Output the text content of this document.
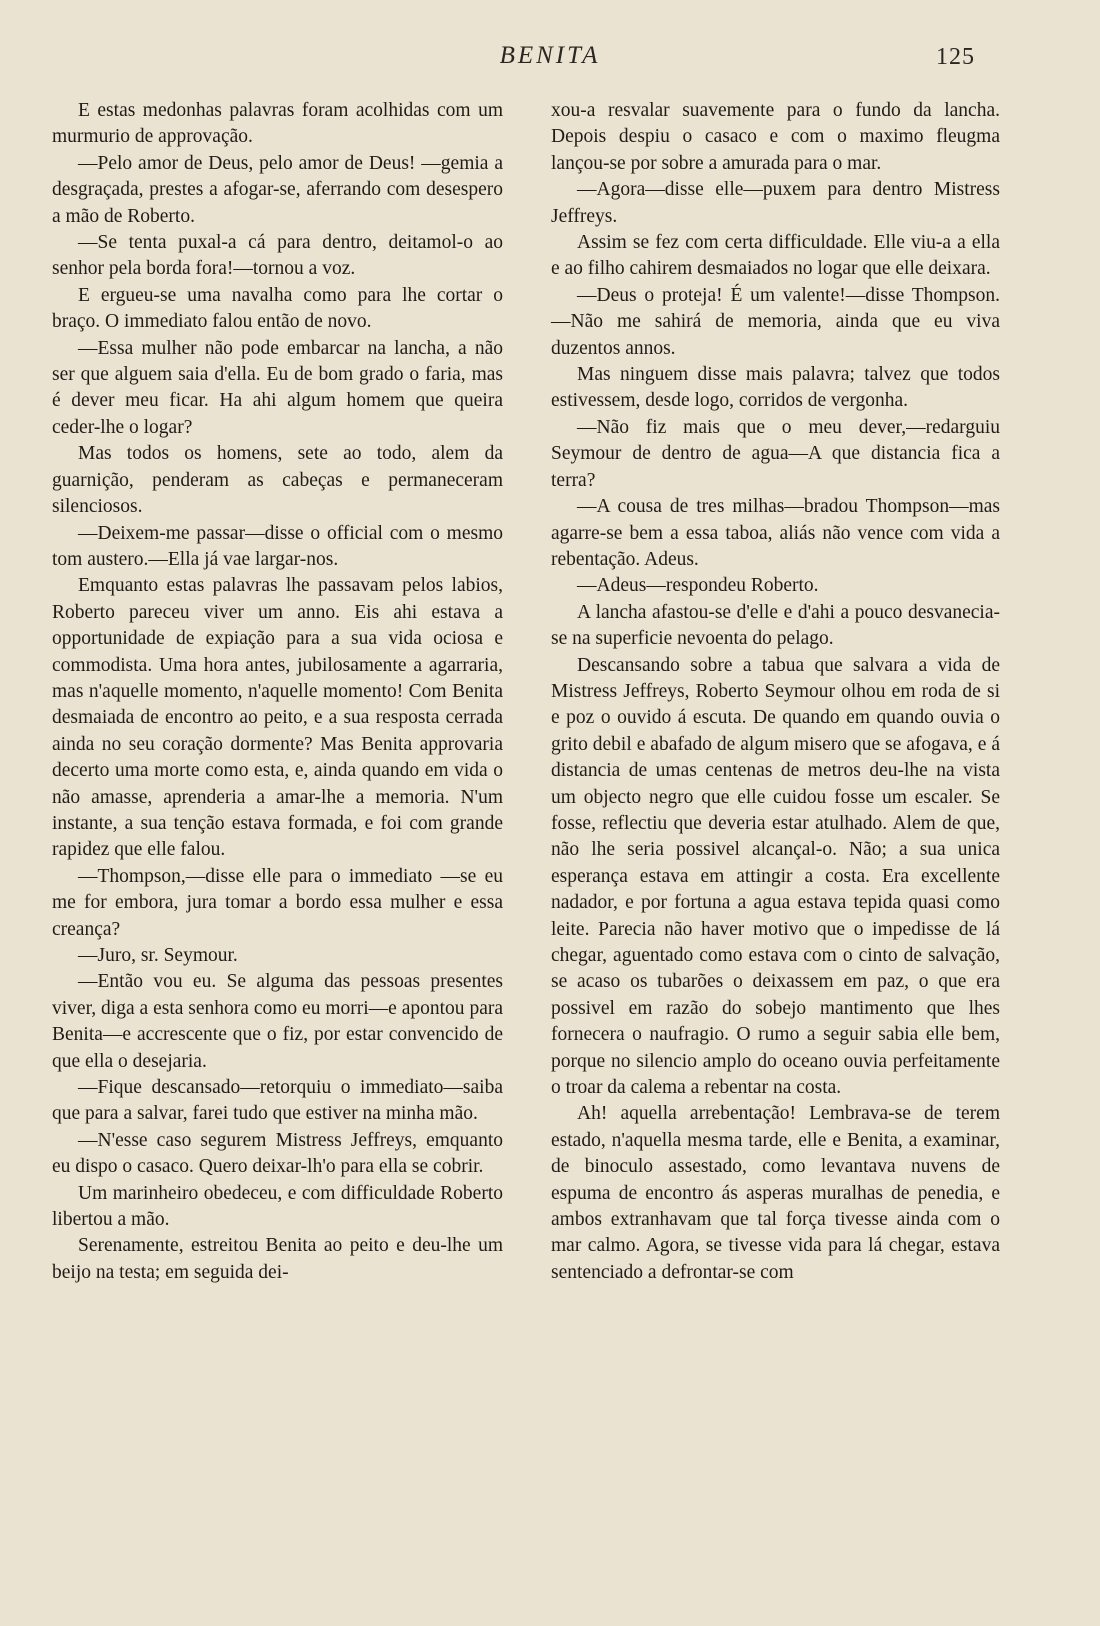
BENITA	125

E estas medonhas palavras foram acolhidas com um murmurio de approvação.

—Pelo amor de Deus, pelo amor de Deus! —gemia a desgraçada, prestes a afogar-se, aferrando com desespero a mão de Roberto.

—Se tenta puxal-a cá para dentro, deitamol-o ao senhor pela borda fora!—tornou a voz.

E ergueu-se uma navalha como para lhe cortar o braço. O immediato falou então de novo.

—Essa mulher não pode embarcar na lancha, a não ser que alguem saia d'ella. Eu de bom grado o faria, mas é dever meu ficar. Ha ahi algum homem que queira ceder-lhe o logar?

Mas todos os homens, sete ao todo, alem da guarnição, penderam as cabeças e permaneceram silenciosos.

—Deixem-me passar—disse o official com o mesmo tom austero.—Ella já vae largar-nos.

Emquanto estas palavras lhe passavam pelos labios, Roberto pareceu viver um anno. Eis ahi estava a opportunidade de expiação para a sua vida ociosa e commodista. Uma hora antes, jubilosamente a agarraria, mas n'aquelle momento, n'aquelle momento! Com Benita desmaiada de encontro ao peito, e a sua resposta cerrada ainda no seu coração dormente? Mas Benita approvaria decerto uma morte como esta, e, ainda quando em vida o não amasse, aprenderia a amar-lhe a memoria. N'um instante, a sua tenção estava formada, e foi com grande rapidez que elle falou.

—Thompson,—disse elle para o immediato —se eu me for embora, jura tomar a bordo essa mulher e essa creança?

—Juro, sr. Seymour.

—Então vou eu. Se alguma das pessoas presentes viver, diga a esta senhora como eu morri—e apontou para Benita—e accrescente que o fiz, por estar convencido de que ella o desejaria.

—Fique descansado—retorquiu o immediato—saiba que para a salvar, farei tudo que estiver na minha mão.

—N'esse caso segurem Mistress Jeffreys, emquanto eu dispo o casaco. Quero deixar-lh'o para ella se cobrir.

Um marinheiro obedeceu, e com difficuldade Roberto libertou a mão.

Serenamente, estreitou Benita ao peito e deu-lhe um beijo na testa; em seguida dei-

xou-a resvalar suavemente para o fundo da lancha. Depois despiu o casaco e com o maximo fleugma lançou-se por sobre a amurada para o mar.

—Agora—disse elle—puxem para dentro Mistress Jeffreys.

Assim se fez com certa difficuldade. Elle viu-a a ella e ao filho cahirem desmaiados no logar que elle deixara.

—Deus o proteja! É um valente!—disse Thompson.—Não me sahirá de memoria, ainda que eu viva duzentos annos.

Mas ninguem disse mais palavra; talvez que todos estivessem, desde logo, corridos de vergonha.

—Não fiz mais que o meu dever,—redarguiu Seymour de dentro de agua—A que distancia fica a terra?

—A cousa de tres milhas—bradou Thompson—mas agarre-se bem a essa taboa, aliás não vence com vida a rebentação. Adeus.

—Adeus—respondeu Roberto.

A lancha afastou-se d'elle e d'ahi a pouco desvanecia-se na superficie nevoenta do pelago.

Descansando sobre a tabua que salvara a vida de Mistress Jeffreys, Roberto Seymour olhou em roda de si e poz o ouvido á escuta. De quando em quando ouvia o grito debil e abafado de algum misero que se afogava, e á distancia de umas centenas de metros deu-lhe na vista um objecto negro que elle cuidou fosse um escaler. Se fosse, reflectiu que deveria estar atulhado. Alem de que, não lhe seria possivel alcançal-o. Não; a sua unica esperança estava em attingir a costa. Era excellente nadador, e por fortuna a agua estava tepida quasi como leite. Parecia não haver motivo que o impedisse de lá chegar, aguentado como estava com o cinto de salvação, se acaso os tubarões o deixassem em paz, o que era possivel em razão do sobejo mantimento que lhes fornecera o naufragio. O rumo a seguir sabia elle bem, porque no silencio amplo do oceano ouvia perfeitamente o troar da calema a rebentar na costa.

Ah! aquella arrebentação! Lembrava-se de terem estado, n'aquella mesma tarde, elle e Benita, a examinar, de binoculo assestado, como levantava nuvens de espuma de encontro ás asperas muralhas de penedia, e ambos extranhavam que tal força tivesse ainda com o mar calmo. Agora, se tivesse vida para lá chegar, estava sentenciado a defrontar-se com
